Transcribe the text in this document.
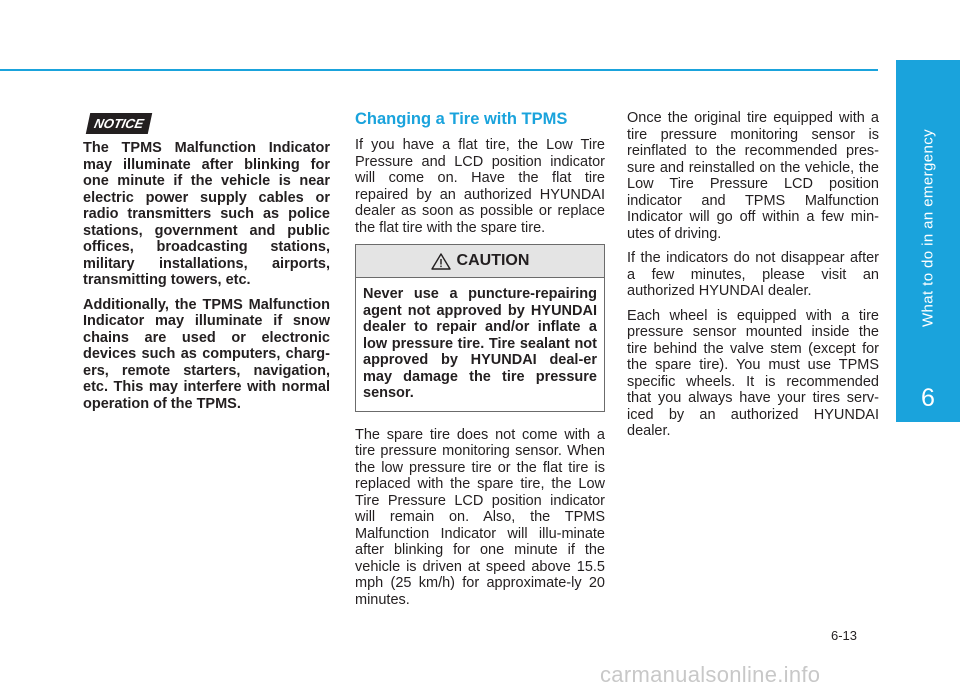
What to do in an emergency
6
NOTICE

The TPMS Malfunction Indicator may illuminate after blinking for one minute if the vehicle is near electric power supply cables or radio transmitters such as police stations, government and public offices, broadcasting stations, military installations, airports, transmitting towers, etc.

Additionally, the TPMS Malfunction Indicator may illuminate if snow chains are used or electronic devices such as computers, charg-ers, remote starters, navigation, etc. This may interfere with normal operation of the TPMS.

Changing a Tire with TPMS

If you have a flat tire, the Low Tire Pressure and LCD position indicator will come on. Have the flat tire repaired by an authorized HYUNDAI dealer as soon as possible or replace the flat tire with the spare tire.

CAUTION
Never use a puncture-repairing agent not approved by HYUNDAI dealer to repair and/or inflate a low pressure tire. Tire sealant not approved by HYUNDAI deal-er may damage the tire pressure sensor.

The spare tire does not come with a tire pressure monitoring sensor. When the low pressure tire or the flat tire is replaced with the spare tire, the Low Tire Pressure LCD position indicator will remain on. Also, the TPMS Malfunction Indicator will illu-minate after blinking for one minute if the vehicle is driven at speed above 15.5 mph (25 km/h) for approximate-ly 20 minutes.

Once the original tire equipped with a tire pressure monitoring sensor is reinflated to the recommended pres-sure and reinstalled on the vehicle, the Low Tire Pressure LCD position indicator and TPMS Malfunction Indicator will go off within a few min-utes of driving.

If the indicators do not disappear after a few minutes, please visit an authorized HYUNDAI dealer.

Each wheel is equipped with a tire pressure sensor mounted inside the tire behind the valve stem (except for the spare tire). You must use TPMS specific wheels. It is recommended that you always have your tires serv-iced by an authorized HYUNDAI dealer.

6-13
carmanualsonline.info
